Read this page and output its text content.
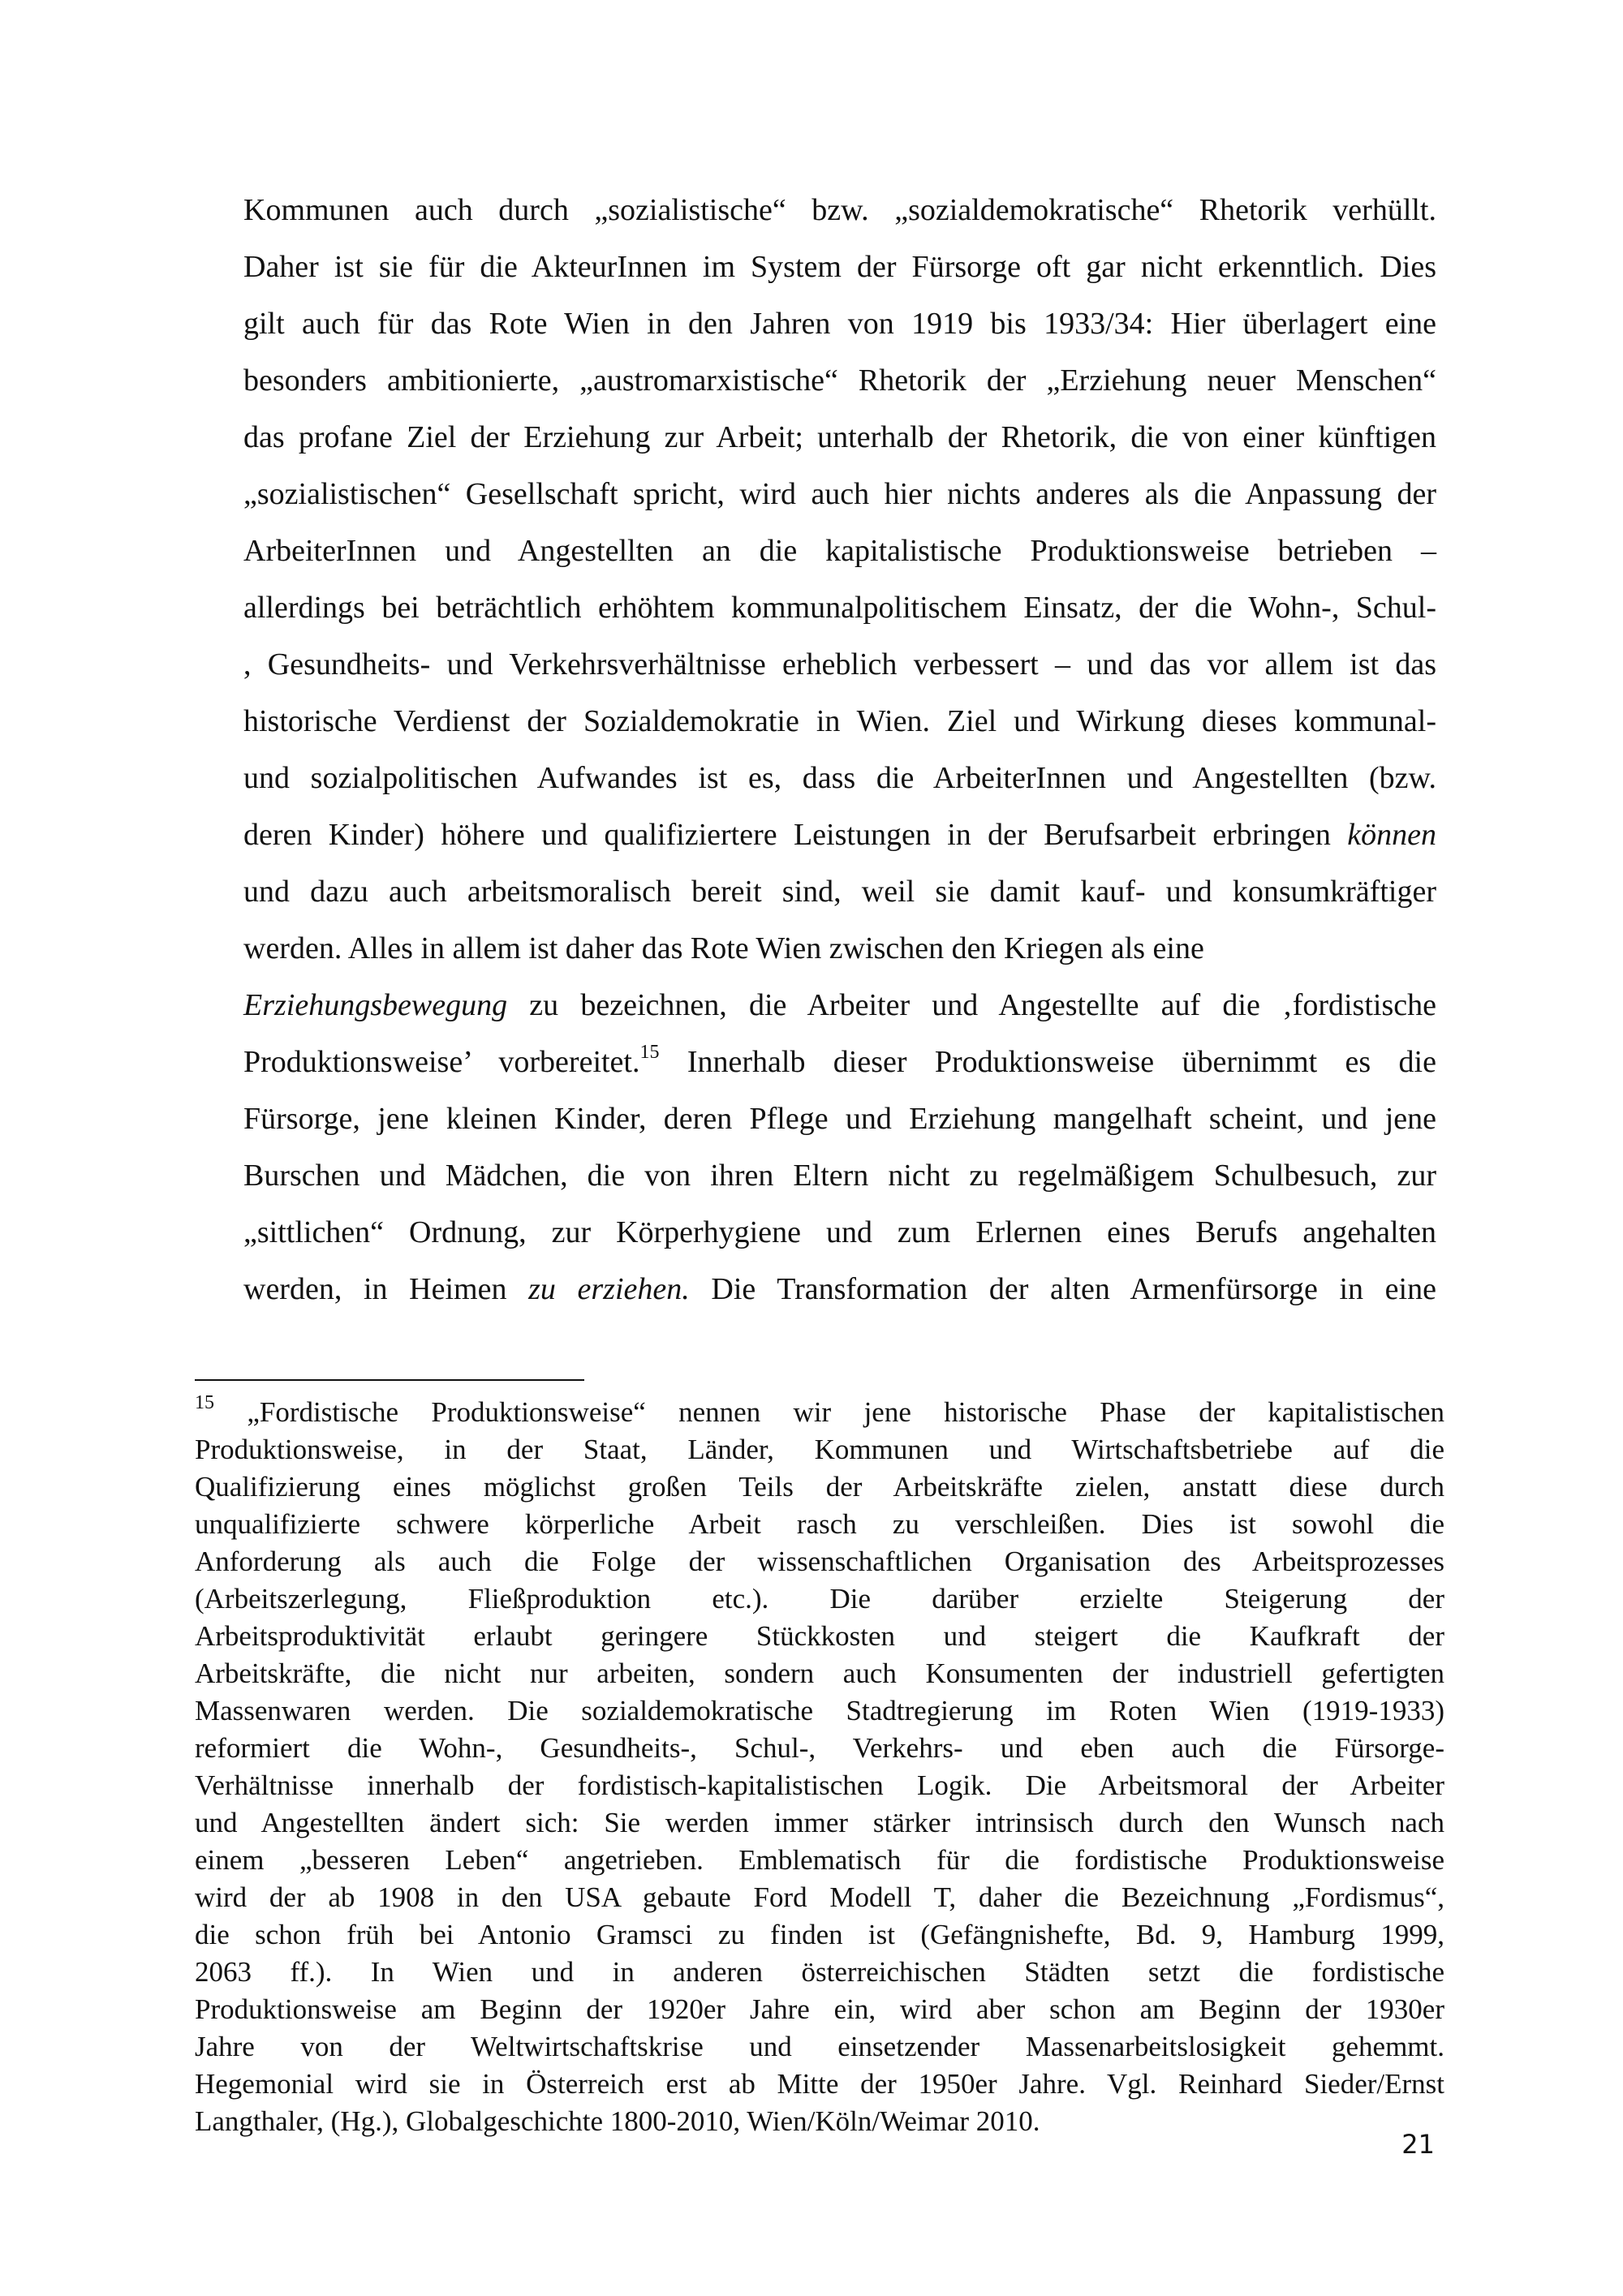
Kommunen auch durch „sozialistische“ bzw. „sozialdemokratische“ Rhetorik verhüllt.
Daher ist sie für die AkteurInnen im System der Fürsorge oft gar nicht erkenntlich. Dies
gilt auch für das Rote Wien in den Jahren von 1919 bis 1933/34: Hier überlagert eine
besonders ambitionierte, „austromarxistische“ Rhetorik der „Erziehung neuer Menschen“
das profane Ziel der Erziehung zur Arbeit; unterhalb der Rhetorik, die von einer künftigen
„sozialistischen“ Gesellschaft spricht, wird auch hier nichts anderes als die Anpassung der
ArbeiterInnen und Angestellten an die kapitalistische Produktionsweise betrieben –
allerdings bei beträchtlich erhöhtem kommunalpolitischem Einsatz, der die Wohn-, Schul-
, Gesundheits- und Verkehrsverhältnisse erheblich verbessert – und das vor allem ist das
historische Verdienst der Sozialdemokratie in Wien. Ziel und Wirkung dieses kommunal-
und sozialpolitischen Aufwandes ist es, dass die ArbeiterInnen und Angestellten (bzw.
deren Kinder) höhere und qualifiziertere Leistungen in der Berufsarbeit erbringen können
und dazu auch arbeitsmoralisch bereit sind, weil sie damit kauf- und konsumkräftiger
werden. Alles in allem ist daher das Rote Wien zwischen den Kriegen als eine
Erziehungsbewegung zu bezeichnen, die Arbeiter und Angestellte auf die ‚fordistische
Produktionsweise’ vorbereitet.$^{15}$ Innerhalb dieser Produktionsweise übernimmt es die
Fürsorge, jene kleinen Kinder, deren Pflege und Erziehung mangelhaft scheint, und jene
Burschen und Mädchen, die von ihren Eltern nicht zu regelmäßigem Schulbesuch, zur
„sittlichen“ Ordnung, zur Körperhygiene und zum Erlernen eines Berufs angehalten
werden, in Heimen zu erziehen. Die Transformation der alten Armenfürsorge in eine
$^{15}$ „Fordistische Produktionsweise“ nennen wir jene historische Phase der kapitalistischen
Produktionsweise, in der Staat, Länder, Kommunen und Wirtschaftsbetriebe auf die
Qualifizierung eines möglichst großen Teils der Arbeitskräfte zielen, anstatt diese durch
unqualifizierte schwere körperliche Arbeit rasch zu verschleißen. Dies ist sowohl die
Anforderung als auch die Folge der wissenschaftlichen Organisation des Arbeitsprozesses
(Arbeitszerlegung, Fließproduktion etc.). Die darüber erzielte Steigerung der
Arbeitsproduktivität erlaubt geringere Stückkosten und steigert die Kaufkraft der
Arbeitskräfte, die nicht nur arbeiten, sondern auch Konsumenten der industriell gefertigten
Massenwaren werden. Die sozialdemokratische Stadtregierung im Roten Wien (1919-1933)
reformiert die Wohn-, Gesundheits-, Schul-, Verkehrs- und eben auch die Fürsorge-
Verhältnisse innerhalb der fordistisch-kapitalistischen Logik. Die Arbeitsmoral der Arbeiter
und Angestellten ändert sich: Sie werden immer stärker intrinsisch durch den Wunsch nach
einem „besseren Leben“ angetrieben. Emblematisch für die fordistische Produktionsweise
wird der ab 1908 in den USA gebaute Ford Modell T, daher die Bezeichnung „Fordismus“,
die schon früh bei Antonio Gramsci zu finden ist (Gefängnishefte, Bd. 9, Hamburg 1999,
2063 ff.). In Wien und in anderen österreichischen Städten setzt die fordistische
Produktionsweise am Beginn der 1920er Jahre ein, wird aber schon am Beginn der 1930er
Jahre von der Weltwirtschaftskrise und einsetzender Massenarbeitslosigkeit gehemmt.
Hegemonial wird sie in Österreich erst ab Mitte der 1950er Jahre. Vgl. Reinhard Sieder/Ernst
Langthaler, (Hg.), Globalgeschichte 1800-2010, Wien/Köln/Weimar 2010.
21
